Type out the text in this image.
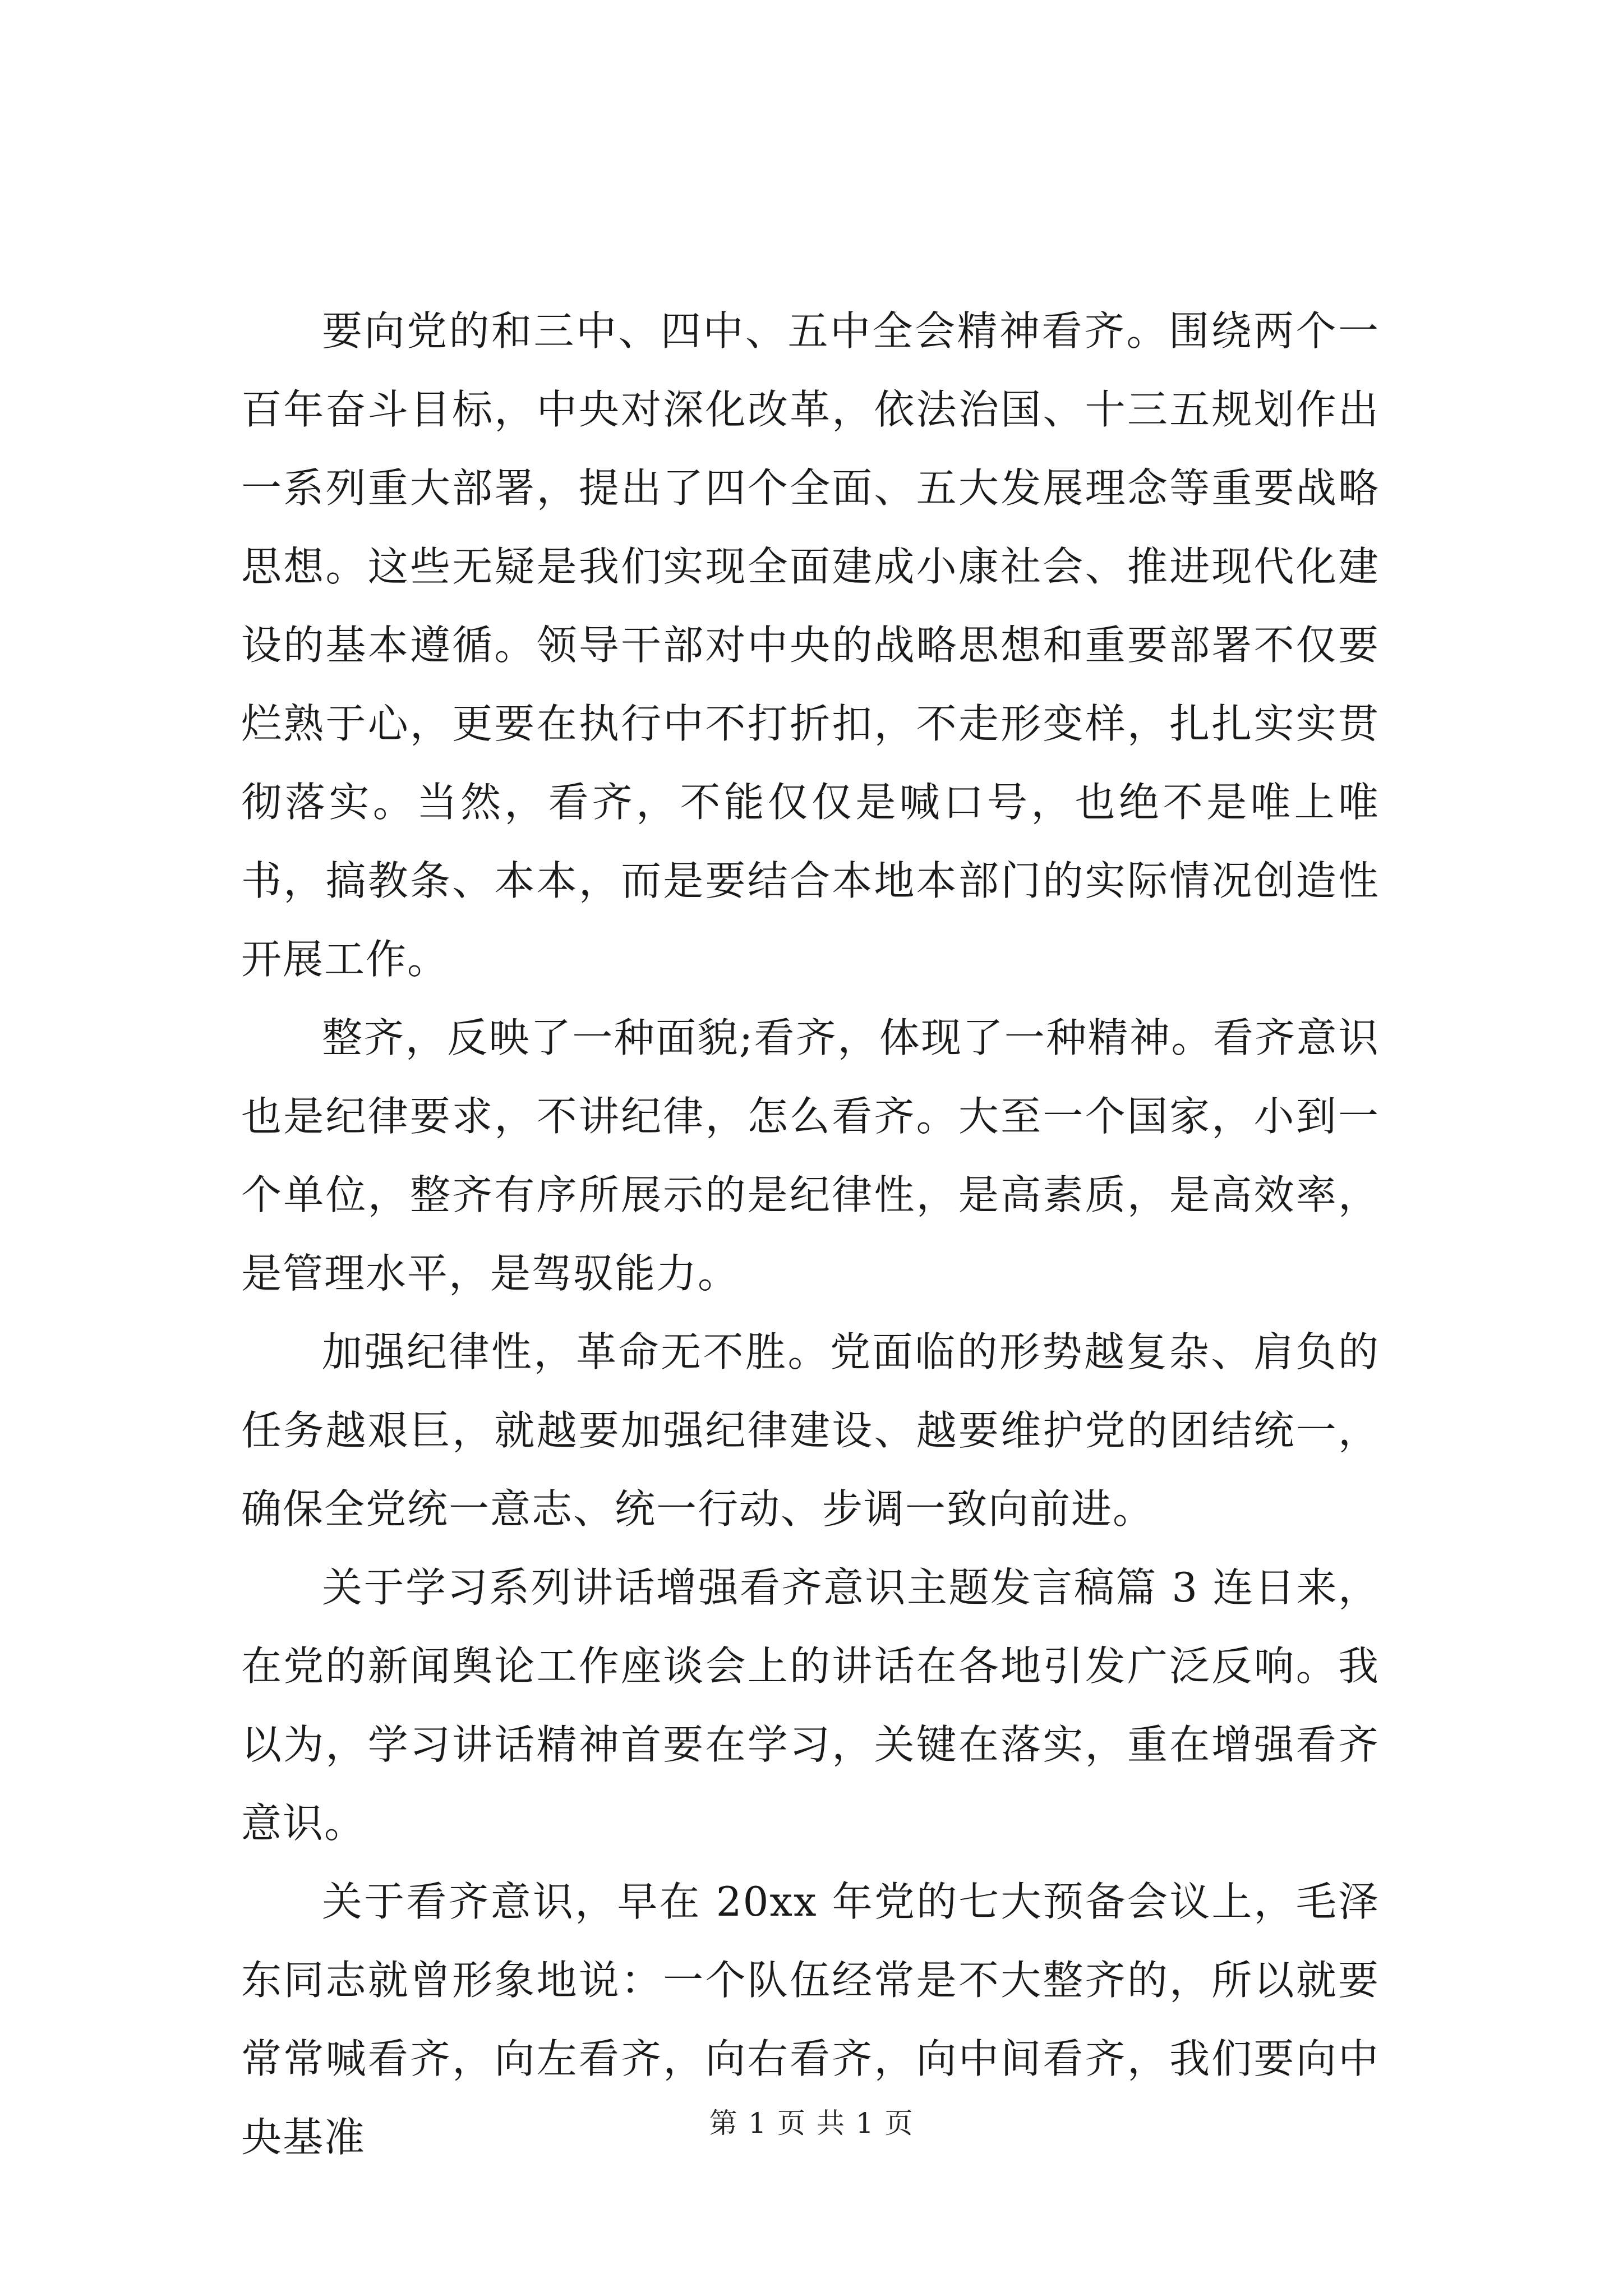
要向党的和三中、四中、五中全会精神看齐。围绕两个一百年奋斗目标，中央对深化改革，依法治国、十三五规划作出一系列重大部署，提出了四个全面、五大发展理念等重要战略思想。这些无疑是我们实现全面建成小康社会、推进现代化建设的基本遵循。领导干部对中央的战略思想和重要部署不仅要烂熟于心，更要在执行中不打折扣，不走形变样，扎扎实实贯彻落实。当然，看齐，不能仅仅是喊口号，也绝不是唯上唯书，搞教条、本本，而是要结合本地本部门的实际情况创造性开展工作。

整齐，反映了一种面貌;看齐，体现了一种精神。看齐意识也是纪律要求，不讲纪律，怎么看齐。大至一个国家，小到一个单位，整齐有序所展示的是纪律性，是高素质，是高效率，是管理水平，是驾驭能力。

加强纪律性，革命无不胜。党面临的形势越复杂、肩负的任务越艰巨，就越要加强纪律建设、越要维护党的团结统一，确保全党统一意志、统一行动、步调一致向前进。

关于学习系列讲话增强看齐意识主题发言稿篇 3 连日来，在党的新闻舆论工作座谈会上的讲话在各地引发广泛反响。我以为，学习讲话精神首要在学习，关键在落实，重在增强看齐意识。

关于看齐意识，早在 20xx 年党的七大预备会议上，毛泽东同志就曾形象地说：一个队伍经常是不大整齐的，所以就要常常喊看齐，向左看齐，向右看齐，向中间看齐，我们要向中央基准	第 1 页 共 1 页
